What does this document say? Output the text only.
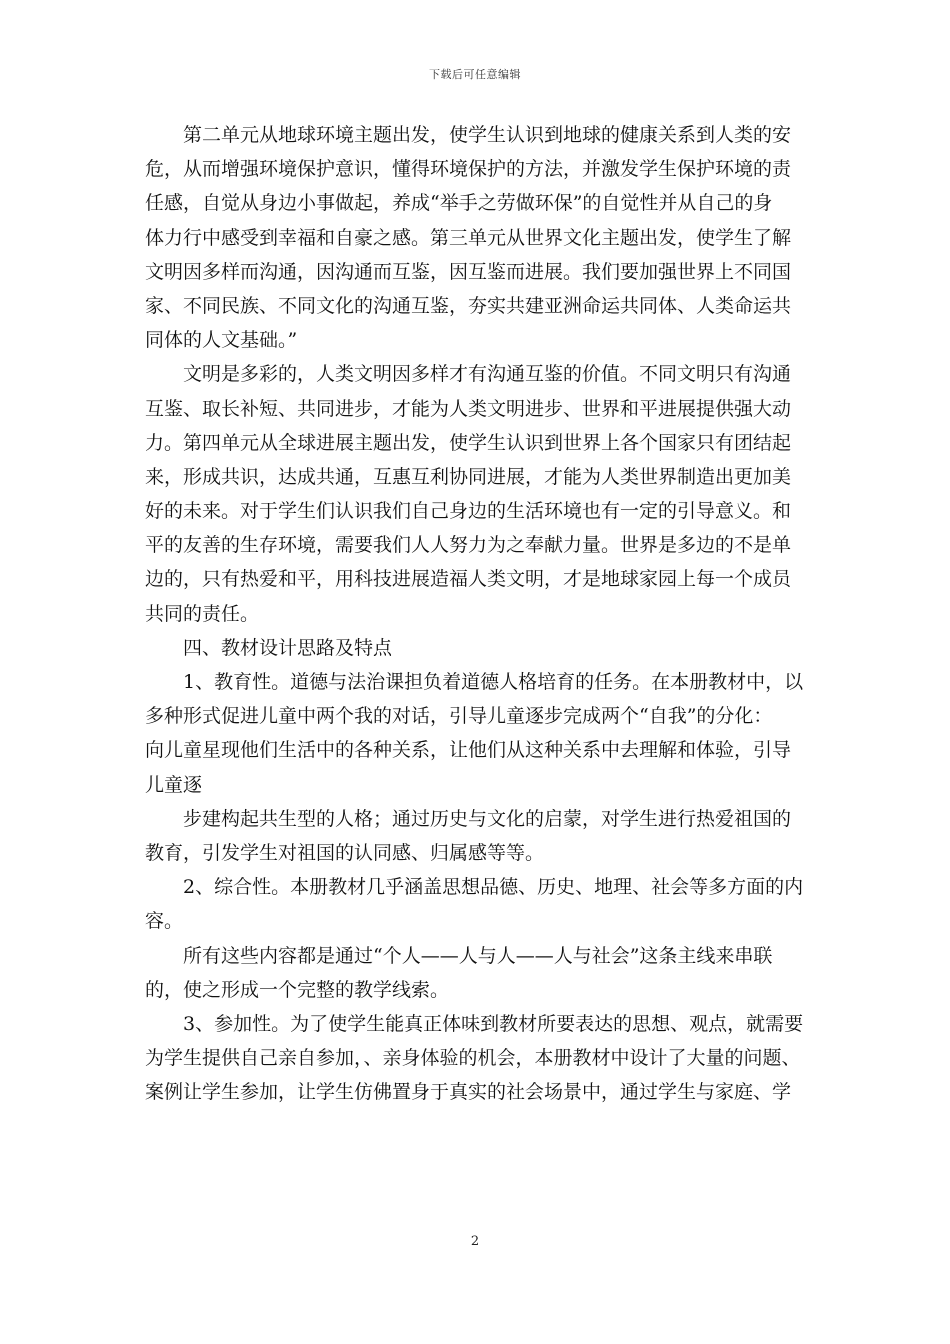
下载后可任意编辑
第二单元从地球环境主题出发，使学生认识到地球的健康关系到人类的安
危，从而增强环境保护意识，懂得环境保护的方法，并激发学生保护环境的责
任感，自觉从身边小事做起，养成“举手之劳做环保”的自觉性并从自己的身
体力行中感受到幸福和自豪之感。第三单元从世界文化主题出发，使学生了解
文明因多样而沟通，因沟通而互鉴，因互鉴而进展。我们要加强世界上不同国
家、不同民族、不同文化的沟通互鉴，夯实共建亚洲命运共同体、人类命运共
同体的人文基础。”
文明是多彩的，人类文明因多样才有沟通互鉴的价值。不同文明只有沟通
互鉴、取长补短、共同进步，才能为人类文明进步、世界和平进展提供强大动
力。第四单元从全球进展主题出发，使学生认识到世界上各个国家只有团结起
来，形成共识，达成共通，互惠互利协同进展，才能为人类世界制造出更加美
好的未来。对于学生们认识我们自己身边的生活环境也有一定的引导意义。和
平的友善的生存环境，需要我们人人努力为之奉献力量。世界是多边的不是单
边的，只有热爱和平，用科技进展造福人类文明，才是地球家园上每一个成员
共同的责任。
四、教材设计思路及特点
1、教育性。道德与法治课担负着道德人格培育的任务。在本册教材中，以
多种形式促进儿童中两个我的对话，引导儿童逐步完成两个“自我”的分化：
向儿童星现他们生活中的各种关系，让他们从这种关系中去理解和体验，引导
儿童逐
步建构起共生型的人格；通过历史与文化的启蒙，对学生进行热爱祖国的
教育，引发学生对祖国的认同感、归属感等等。
2、综合性。本册教材几乎涵盖思想品德、历史、地理、社会等多方面的内
容。
所有这些内容都是通过“个人——人与人——人与社会”这条主线来串联
的，使之形成一个完整的教学线索。
3、参加性。为了使学生能真正体味到教材所要表达的思想、观点，就需要
为学生提供自己亲自参加，、亲身体验的机会，本册教材中设计了大量的问题、
案例让学生参加，让学生仿佛置身于真实的社会场景中，通过学生与家庭、学
2
